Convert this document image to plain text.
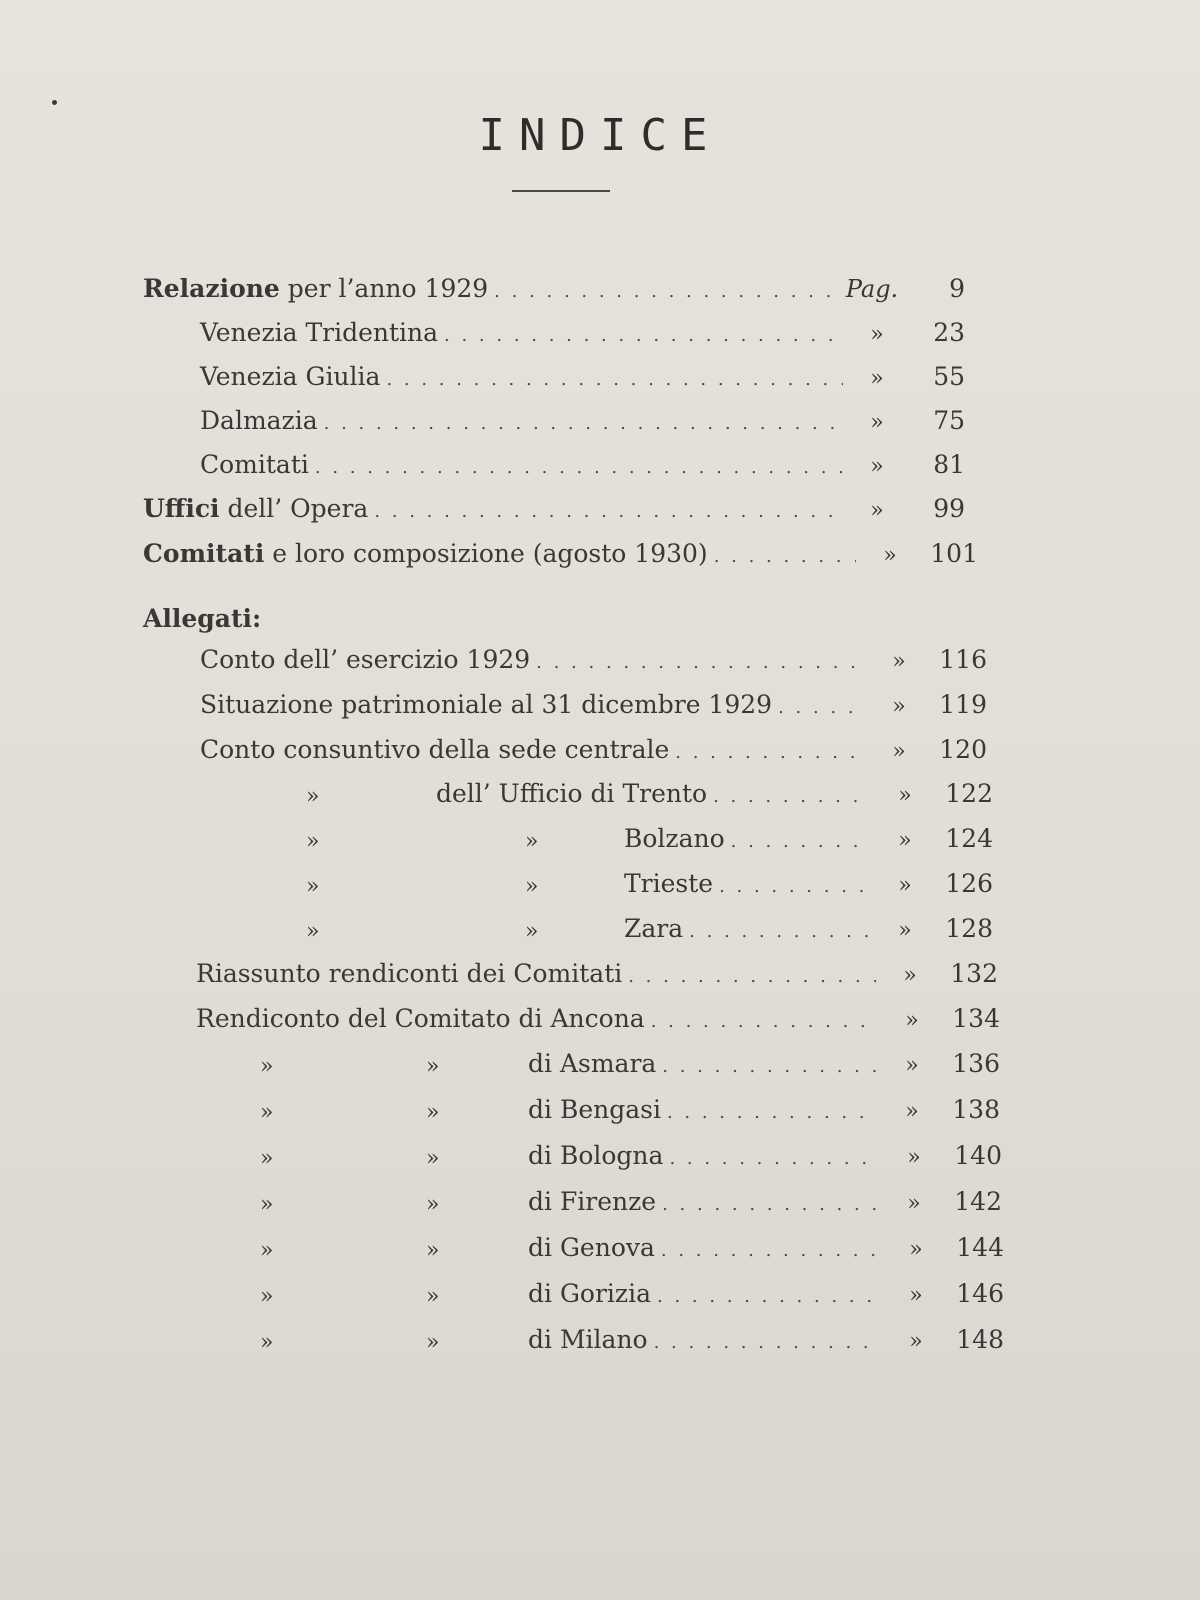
INDICE
Relazione per l’anno 1929 . . .	Pag.	9
Venezia Tridentina . . .	»	23
Venezia Giulia . . .	»	55
Dalmazia . . .	»	75
Comitati . . .	»	81
Uffici dell’ Opera . . .	»	99
Comitati e loro composizione (agosto 1930) . . .	»	101
Allegati:
Conto dell’ esercizio 1929 . . .	»	116
Situazione patrimoniale al 31 dicembre 1929 . . .	»	119
Conto consuntivo della sede centrale . . .	»	120
»	dell’ Ufficio di Trento . . .	»	122
»	»	Bolzano . . .	»	124
»	»	Trieste . . .	»	126
»	»	Zara . . .	»	128
Riassunto rendiconti dei Comitati . . .	»	132
Rendiconto del Comitato di Ancona . . .	»	134
»	»	di Asmara . . .	»	136
»	»	di Bengasi . . .	»	138
»	»	di Bologna . . .	»	140
»	»	di Firenze . . .	»	142
»	»	di Genova . . .	»	144
»	»	di Gorizia . . .	»	146
»	»	di Milano . . .	»	148
